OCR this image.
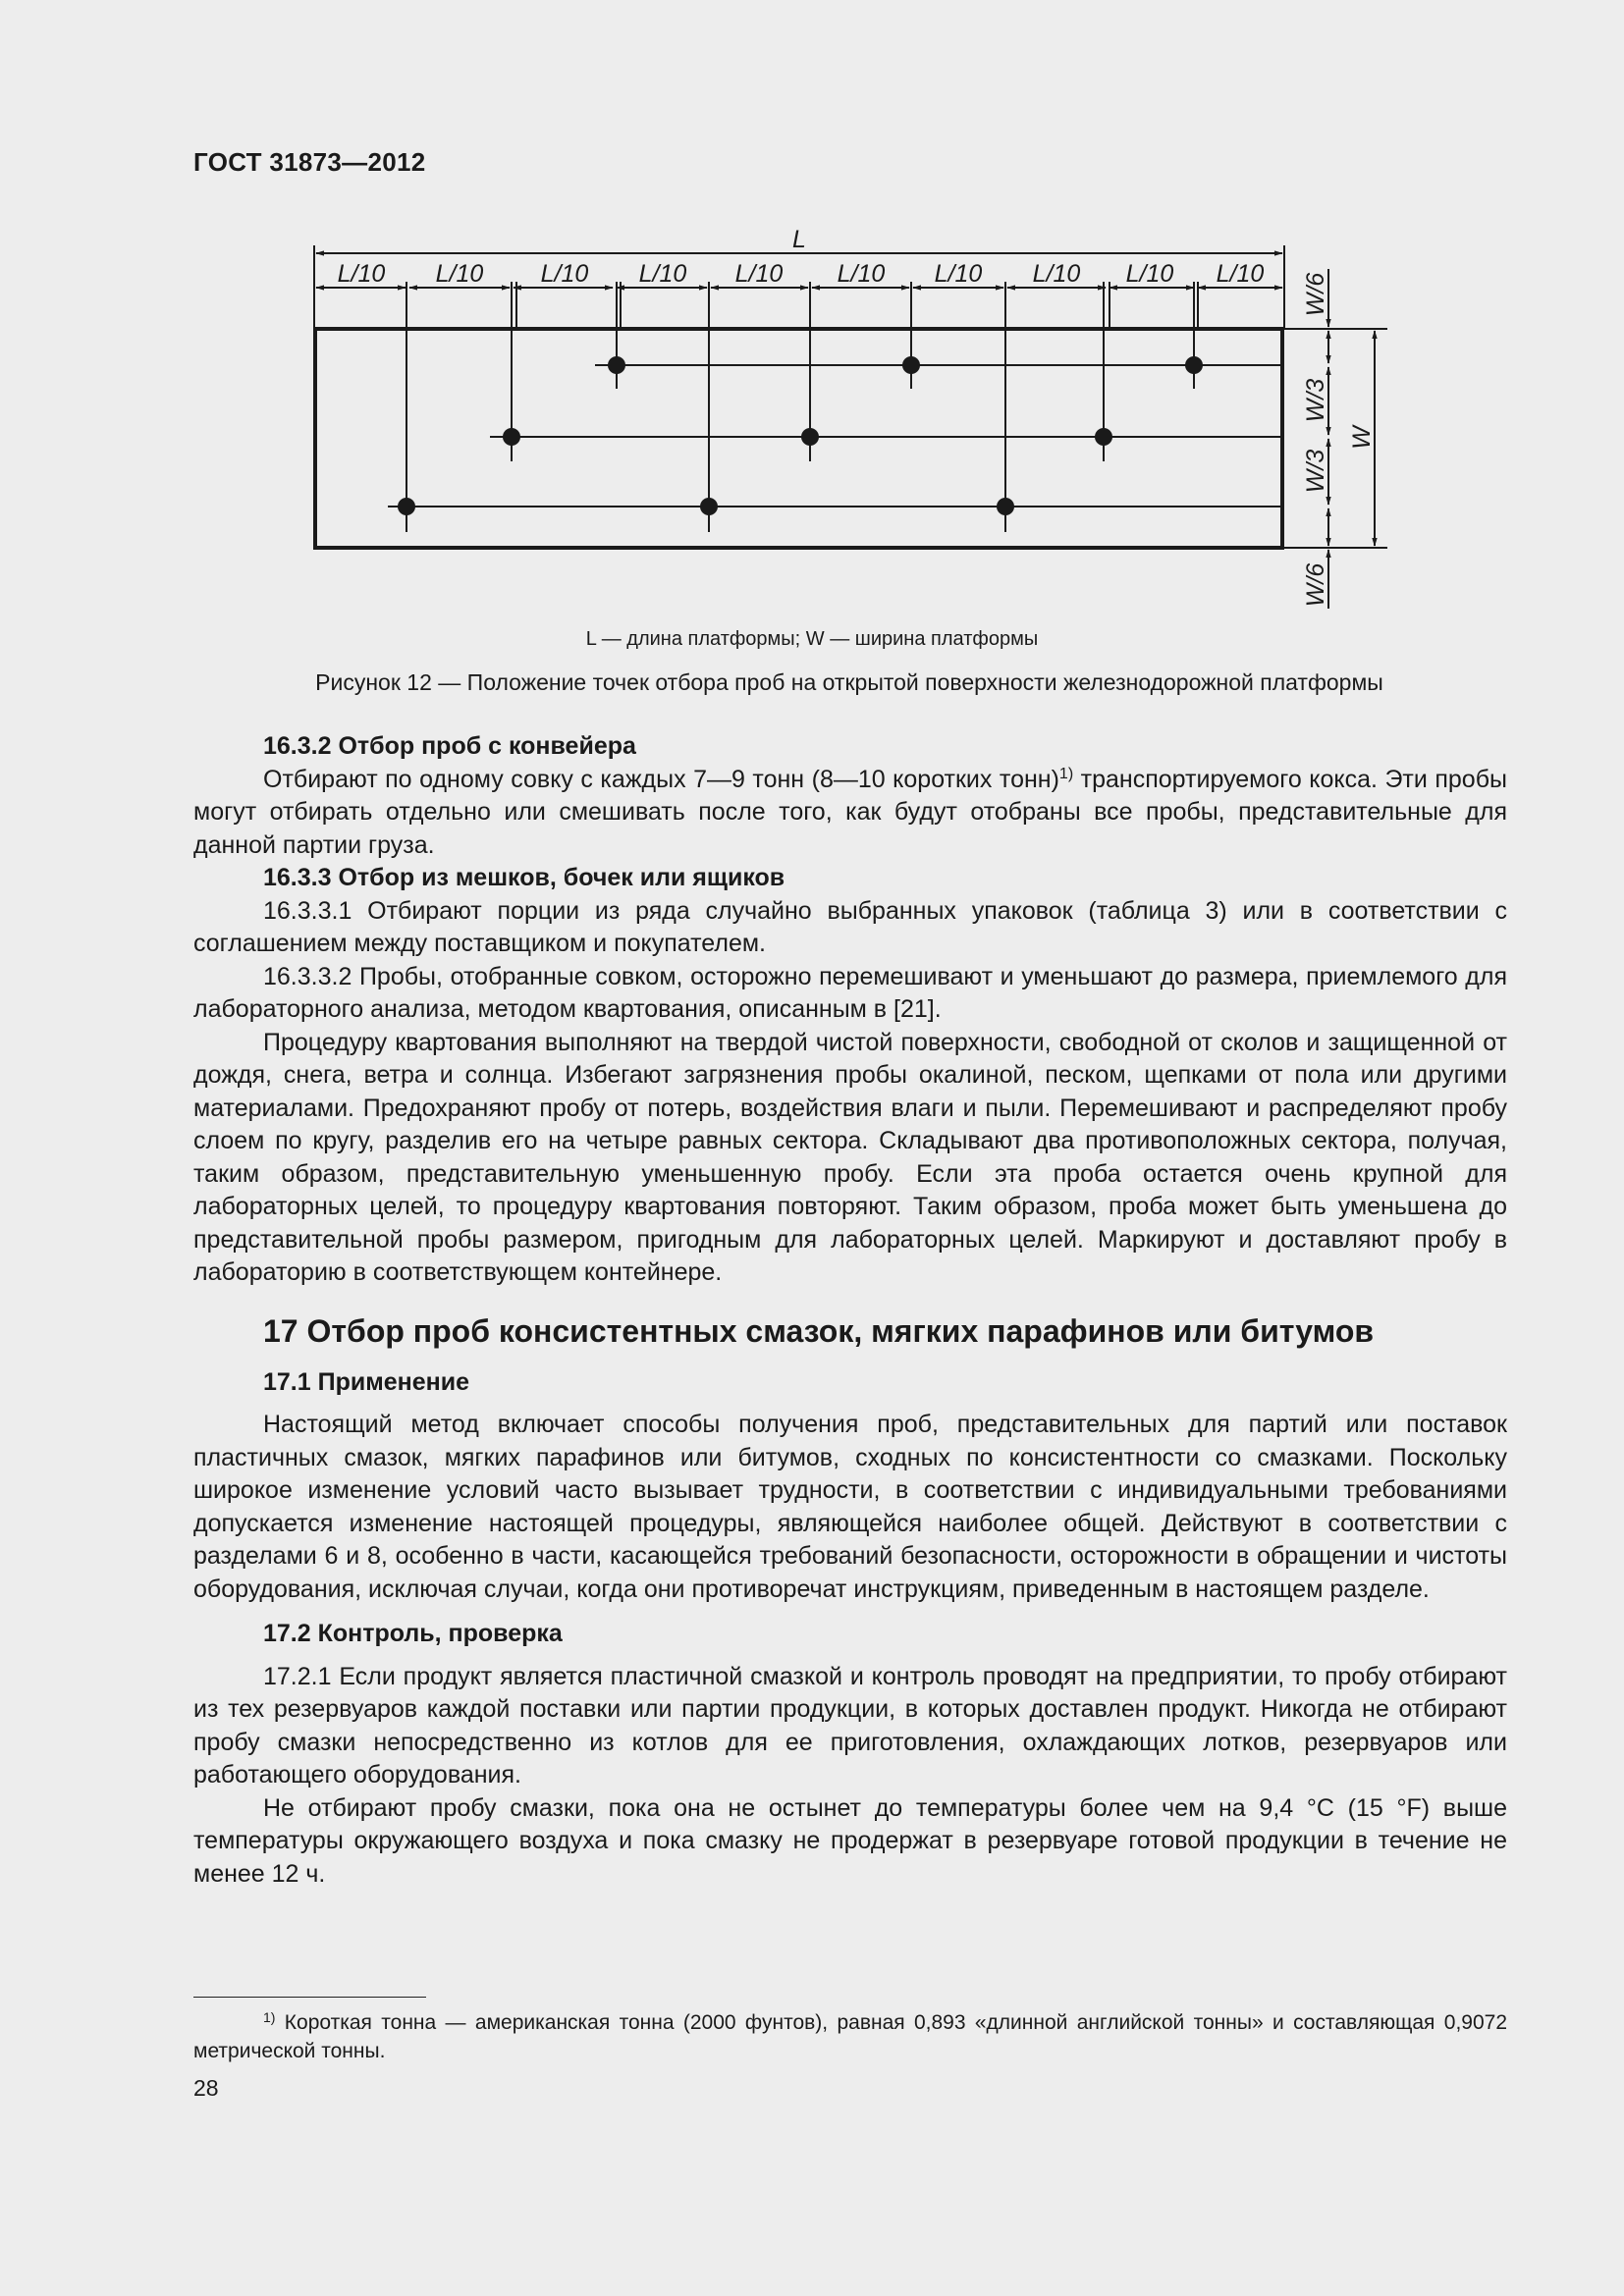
ГОСТ 31873—2012
L
L/10 L/10 L/10 L/10 L/10 L/10 L/10 L/10 L/10 L/10 W/6
W/3
W/3
W/6
W
L — длина платформы; W — ширина платформы
Рисунок 12 — Положение точек отбора проб на открытой поверхности железнодорожной платформы

16.3.2 Отбор проб с конвейера

Отбирают по одному совку с каждых 7—9 тонн (8—10 коротких тонн)$^{1)}$ транспортируемого кокса. Эти пробы могут отбирать отдельно или смешивать после того, как будут отобраны все пробы, представительные для данной партии груза.

16.3.3 Отбор из мешков, бочек или ящиков

16.3.3.1 Отбирают порции из ряда случайно выбранных упаковок (таблица 3) или в соответствии с соглашением между поставщиком и покупателем.

16.3.3.2 Пробы, отобранные совком, осторожно перемешивают и уменьшают до размера, приемлемого для лабораторного анализа, методом квартования, описанным в [21].

Процедуру квартования выполняют на твердой чистой поверхности, свободной от сколов и защищенной от дождя, снега, ветра и солнца. Избегают загрязнения пробы окалиной, песком, щепками от пола или другими материалами. Предохраняют пробу от потерь, воздействия влаги и пыли. Перемешивают и распределяют пробу слоем по кругу, разделив его на четыре равных сектора. Складывают два противоположных сектора, получая, таким образом, представительную уменьшенную пробу. Если эта проба остается очень крупной для лабораторных целей, то процедуру квартования повторяют. Таким образом, проба может быть уменьшена до представительной пробы размером, пригодным для лабораторных целей. Маркируют и доставляют пробу в лабораторию в соответствующем контейнере.

17 Отбор проб консистентных смазок, мягких парафинов или битумов

17.1 Применение

Настоящий метод включает способы получения проб, представительных для партий или поставок пластичных смазок, мягких парафинов или битумов, сходных по консистентности со смазками. Поскольку широкое изменение условий часто вызывает трудности, в соответствии с индивидуальными требованиями допускается изменение настоящей процедуры, являющейся наиболее общей. Действуют в соответствии с разделами 6 и 8, особенно в части, касающейся требований безопасности, осторожности в обращении и чистоты оборудования, исключая случаи, когда они противоречат инструкциям, приведенным в настоящем разделе.

17.2 Контроль, проверка

17.2.1 Если продукт является пластичной смазкой и контроль проводят на предприятии, то пробу отбирают из тех резервуаров каждой поставки или партии продукции, в которых доставлен продукт. Никогда не отбирают пробу смазки непосредственно из котлов для ее приготовления, охлаждающих лотков, резервуаров или работающего оборудования.

Не отбирают пробу смазки, пока она не остынет до температуры более чем на 9,4 °C (15 °F) выше температуры окружающего воздуха и пока смазку не продержат в резервуаре готовой продукции в течение не менее 12 ч.

$^{1)}$ Короткая тонна — американская тонна (2000 фунтов), равная 0,893 «длинной английской тонны» и составляющая 0,9072 метрической тонны.

28
